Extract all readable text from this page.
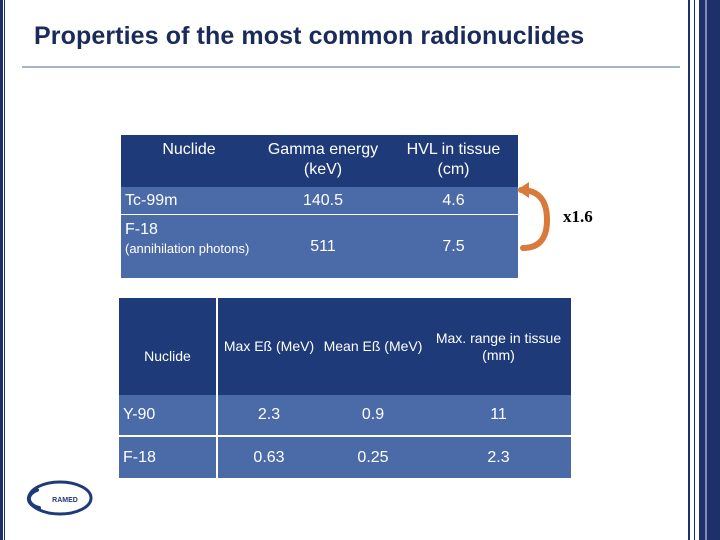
Properties of the most common radionuclides
Nuclide	Gamma energy (keV)	HVL in tissue (cm)
Tc-99m	140.5	4.6
F-18
(annihilation photons)	511	7.5
x1.6
Nuclide	Max Eß (MeV)	Mean Eß (MeV)	Max. range in tissue (mm)
Y-90	2.3	0.9	11
F-18	0.63	0.25	2.3
RAMED
